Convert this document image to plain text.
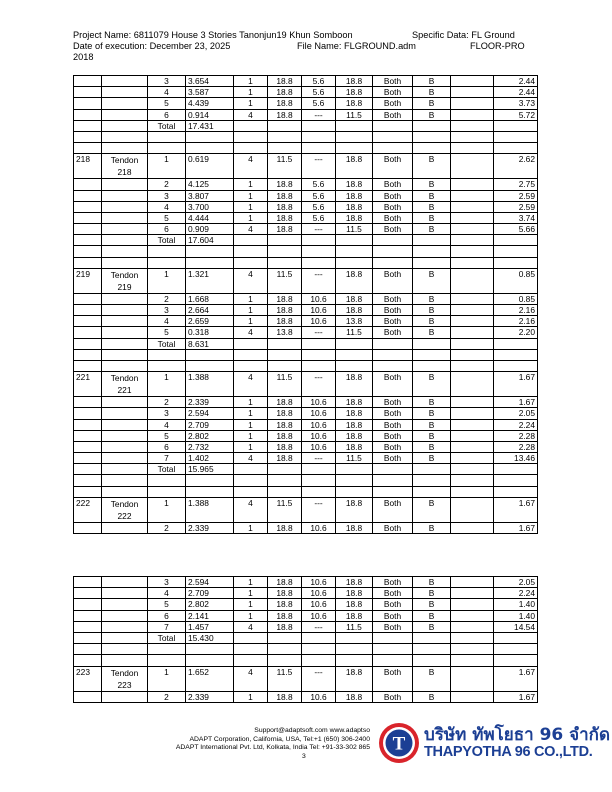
Project Name: 6811079 House 3 Stories Tanonjun19 Khun Somboon	Specific Data: FL Ground
Date of execution: December 23, 2025	File Name: FLGROUND.adm	FLOOR-PRO
2018
		3	3.654	1	18.8	5.6	18.8	Both	B		2.44
		4	3.587	1	18.8	5.6	18.8	Both	B		2.44
		5	4.439	1	18.8	5.6	18.8	Both	B		3.73
		6	0.914	4	18.8	---	11.5	Both	B		5.72
		Total	17.431								

218	Tendon 218	1	0.619	4	11.5	---	18.8	Both	B		2.62
		2	4.125	1	18.8	5.6	18.8	Both	B		2.75
		3	3.807	1	18.8	5.6	18.8	Both	B		2.59
		4	3.700	1	18.8	5.6	18.8	Both	B		2.59
		5	4.444	1	18.8	5.6	18.8	Both	B		3.74
		6	0.909	4	18.8	---	11.5	Both	B		5.66
		Total	17.604								

219	Tendon 219	1	1.321	4	11.5	---	18.8	Both	B		0.85
		2	1.668	1	18.8	10.6	18.8	Both	B		0.85
		3	2.664	1	18.8	10.6	18.8	Both	B		2.16
		4	2.659	1	18.8	10.6	13.8	Both	B		2.16
		5	0.318	4	13.8	---	11.5	Both	B		2.20
		Total	8.631								

221	Tendon 221	1	1.388	4	11.5	---	18.8	Both	B		1.67
		2	2.339	1	18.8	10.6	18.8	Both	B		1.67
		3	2.594	1	18.8	10.6	18.8	Both	B		2.05
		4	2.709	1	18.8	10.6	18.8	Both	B		2.24
		5	2.802	1	18.8	10.6	18.8	Both	B		2.28
		6	2.732	1	18.8	10.6	18.8	Both	B		2.28
		7	1.402	4	18.8	---	11.5	Both	B		13.46
		Total	15.965								

222	Tendon 222	1	1.388	4	11.5	---	18.8	Both	B		1.67
		2	2.339	1	18.8	10.6	18.8	Both	B		1.67
		3	2.594	1	18.8	10.6	18.8	Both	B		2.05
		4	2.709	1	18.8	10.6	18.8	Both	B		2.24
		5	2.802	1	18.8	10.6	18.8	Both	B		1.40
		6	2.141	1	18.8	10.6	18.8	Both	B		1.40
		7	1.457	4	18.8	---	11.5	Both	B		14.54
		Total	15.430								

223	Tendon 223	1	1.652	4	11.5	---	18.8	Both	B		1.67
		2	2.339	1	18.8	10.6	18.8	Both	B		1.67
Support@adaptsoft.com www.adaptso
ADAPT Corporation, California, USA, Tel:+1 (650) 306-2400
ADAPT International Pvt. Ltd, Kolkata, India Tel: +91-33-302 865
3
T บริษัท ทัพโยธา 96 จำกัด
THAPYOTHA 96 CO.,LTD.
